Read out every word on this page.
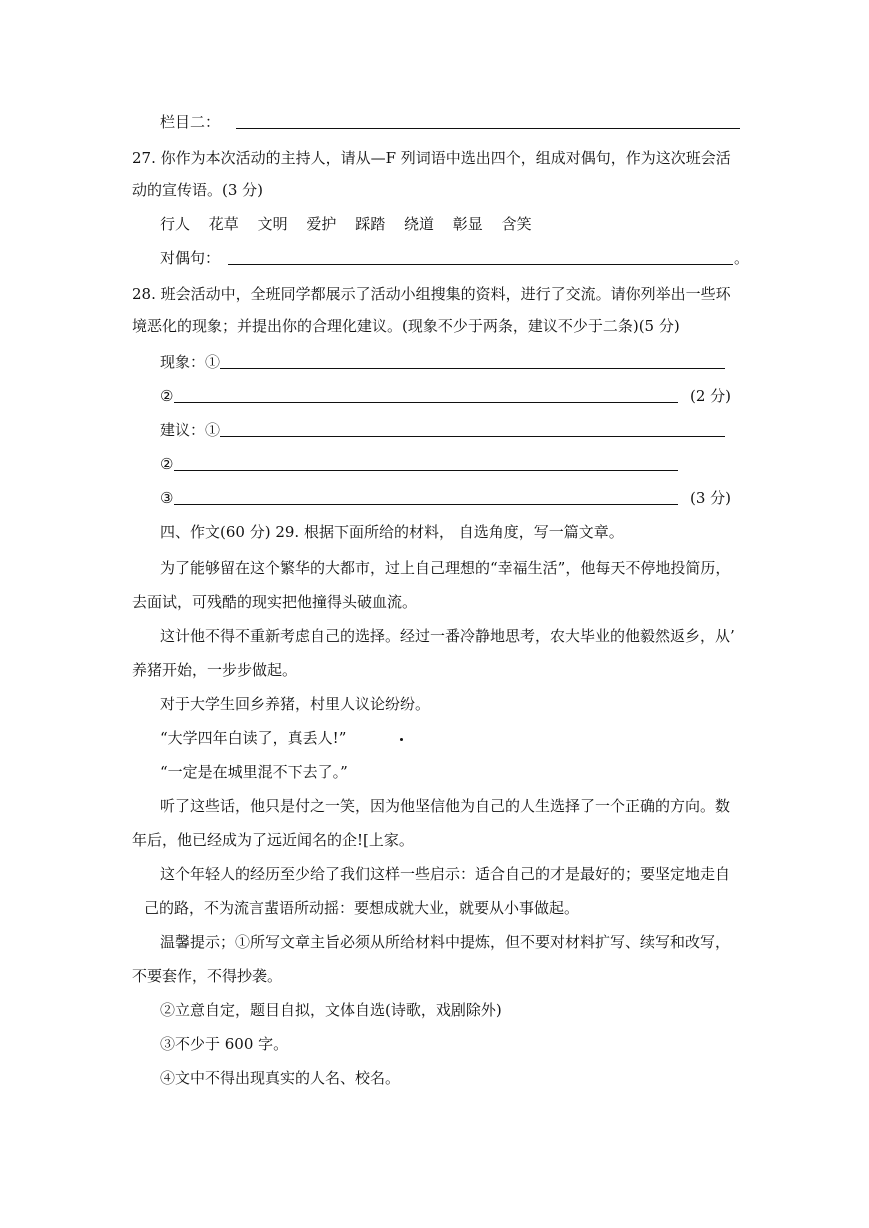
栏目二：
27. 你作为本次活动的主持人，请从—F 列词语中选出四个，组成对偶句，作为这次班会活
动的宣传语。(3 分)
行人 花草 文明 爱护 踩踏 绕道 彰显 含笑
对偶句：	。
28. 班会活动中，全班同学都展示了活动小组搜集的资料，进行了交流。请你列举出一些环
境恶化的现象；并提出你的合理化建议。(现象不少于两条，建议不少于二条)(5 分)
现象：①
②	(2 分)
建议：①
②
③	(3 分)
四、作文(60 分) 29. 根据下面所给的材料， 自选角度，写一篇文章。
为了能够留在这个繁华的大都市，过上自己理想的“幸福生活”，他每天不停地投简历，
去面试，可残酷的现实把他撞得头破血流。
这计他不得不重新考虑自己的选择。经过一番冷静地思考，农大毕业的他毅然返乡，从’
养猪开始，一步步做起。
对于大学生回乡养猪，村里人议论纷纷。
“大学四年白读了，真丢人!”
“一定是在城里混不下去了。”
听了这些话，他只是付之一笑，因为他坚信他为自己的人生选择了一个正确的方向。数
年后，他已经成为了远近闻名的企![上家。
这个年轻人的经历至少给了我们这样一些启示：适合自己的才是最好的；要坚定地走自
己的路，不为流言蜚语所动摇：要想成就大业，就要从小事做起。
温馨提示；①所写文章主旨必须从所给材料中提炼，但不要对材料扩写、续写和改写，
不要套作，不得抄袭。
②立意自定，题目自拟，文体自选(诗歌，戏剧除外)
③不少于 600 字。
④文中不得出现真实的人名、校名。
